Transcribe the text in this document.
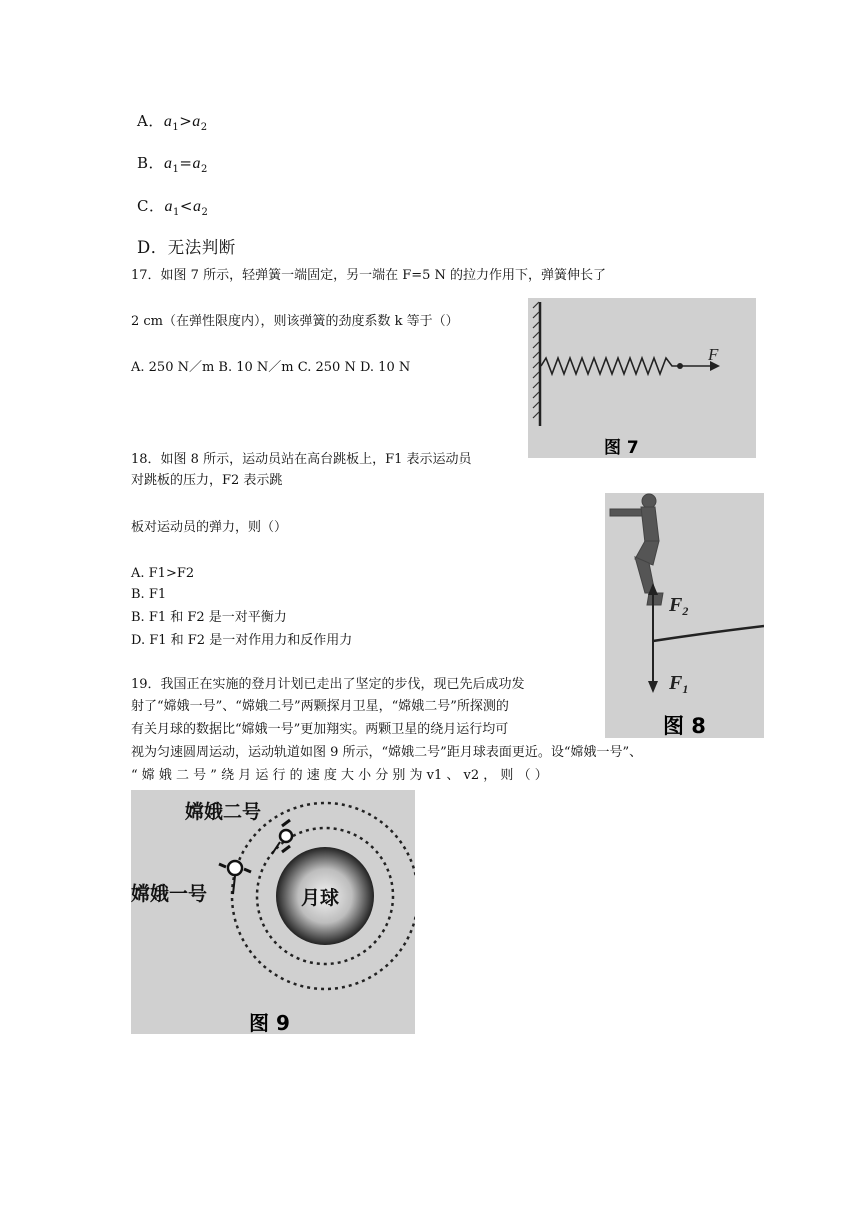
A．$a_1>a_2$
B．$a_1=a_2$
C．$a_1<a_2$
D．无法判断
17．如图 7 所示，轻弹簧一端固定，另一端在 F=5 N 的拉力作用下，弹簧伸长了
2 cm（在弹性限度内），则该弹簧的劲度系数 k 等于（）
A. 250 N／m B. 10 N／m C. 250 N D. 10 N
F
图 7
18．如图 8 所示，运动员站在高台跳板上，F1 表示运动员
对跳板的压力，F2 表示跳
板对运动员的弹力，则（）
A. F1>F2
B. F1
B. F1 和 F2 是一对平衡力
D. F1 和 F2 是一对作用力和反作用力
$F_2$
$F_1$
图 8
19．我国正在实施的登月计划已走出了坚定的步伐，现已先后成功发
射了“嫦娥一号”、“嫦娥二号”两颗探月卫星，“嫦娥二号”所探测的
有关月球的数据比“嫦娥一号”更加翔实。两颗卫星的绕月运行均可
视为匀速圆周运动，运动轨道如图 9 所示，“嫦娥二号”距月球表面更近。设“嫦娥一号”、
“ 嫦 娥 二 号 ” 绕 月 运 行 的 速 度 大 小 分 别 为 v1 、 v2 ， 则 （ ）
月球
嫦娥二号
嫦娥一号
图 9
